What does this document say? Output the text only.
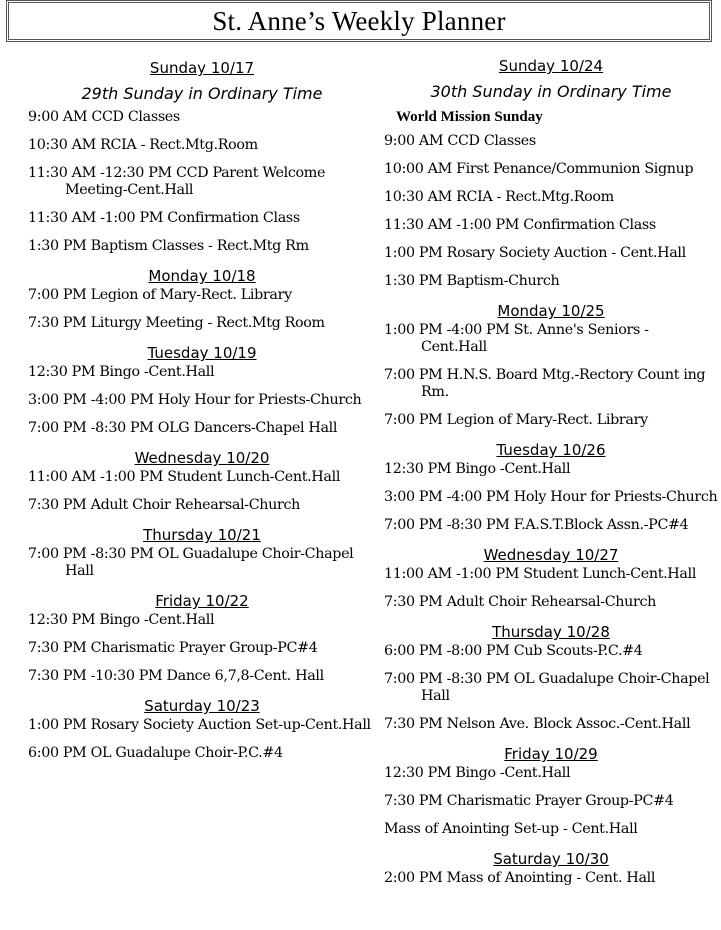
St. Anne’s Weekly Planner
Sunday 10/17
29th Sunday in Ordinary Time
9:00 AM CCD Classes
10:30 AM RCIA - Rect.Mtg.Room
11:30 AM -12:30 PM CCD Parent Welcome Meeting-Cent.Hall
11:30 AM -1:00 PM Confirmation Class
1:30 PM Baptism Classes - Rect.Mtg Rm
Monday 10/18
7:00 PM Legion of Mary-Rect. Library
7:30 PM Liturgy Meeting - Rect.Mtg Room
Tuesday 10/19
12:30 PM Bingo -Cent.Hall
3:00 PM -4:00 PM Holy Hour for Priests-Church
7:00 PM -8:30 PM OLG Dancers-Chapel Hall
Wednesday 10/20
11:00 AM -1:00 PM Student Lunch-Cent.Hall
7:30 PM Adult Choir Rehearsal-Church
Thursday 10/21
7:00 PM -8:30 PM OL Guadalupe Choir-Chapel Hall
Friday 10/22
12:30 PM Bingo -Cent.Hall
7:30 PM Charismatic Prayer Group-PC#4
7:30 PM -10:30 PM Dance 6,7,8-Cent. Hall
Saturday 10/23
1:00 PM Rosary Society Auction Set-up-Cent.Hall
6:00 PM OL Guadalupe Choir-P.C.#4
Sunday 10/24
30th Sunday in Ordinary Time
World Mission Sunday
9:00 AM CCD Classes
10:00 AM First Penance/Communion Signup
10:30 AM RCIA - Rect.Mtg.Room
11:30 AM -1:00 PM Confirmation Class
1:00 PM Rosary Society Auction - Cent.Hall
1:30 PM Baptism-Church
Monday 10/25
1:00 PM -4:00 PM St. Anne's Seniors - Cent.Hall
7:00 PM H.N.S. Board Mtg.-Rectory Count ing Rm.
7:00 PM Legion of Mary-Rect. Library
Tuesday 10/26
12:30 PM Bingo -Cent.Hall
3:00 PM -4:00 PM Holy Hour for Priests-Church
7:00 PM -8:30 PM F.A.S.T.Block Assn.-PC#4
Wednesday 10/27
11:00 AM -1:00 PM Student Lunch-Cent.Hall
7:30 PM Adult Choir Rehearsal-Church
Thursday 10/28
6:00 PM -8:00 PM Cub Scouts-P.C.#4
7:00 PM -8:30 PM OL Guadalupe Choir-Chapel Hall
7:30 PM Nelson Ave. Block Assoc.-Cent.Hall
Friday 10/29
12:30 PM Bingo -Cent.Hall
7:30 PM Charismatic Prayer Group-PC#4
Mass of Anointing Set-up - Cent.Hall
Saturday 10/30
2:00 PM Mass of Anointing - Cent. Hall
